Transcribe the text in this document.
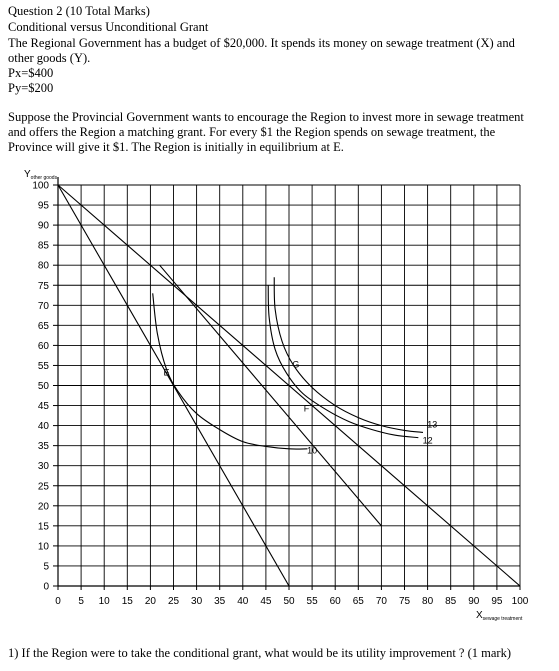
Question 2 (10 Total Marks)
Conditional versus Unconditional Grant
The Regional Government has a budget of $20,000. It spends its money on sewage treatment (X) and
other goods (Y).
Px=$400
Py=$200
Suppose the Provincial Government wants to encourage the Region to invest more in sewage treatment
and offers the Region a matching grant. For every $1 the Region spends on sewage treatment, the
Province will give it $1. The Region is initially in equilibrium at E.
0 5 10 15 20 25 30 35 40 45 50 55 60 65 70 75 80 85 90 95 100
0
5
10
15
20
25
30
35
40
45
50
55
60
65
70
75
80
85
90
95
100
$Y_{other goods}$
$X_{sewage treatment}$
10
12
13
E
G
F
1) If the Region were to take the conditional grant, what would be its utility improvement ? (1 mark)
